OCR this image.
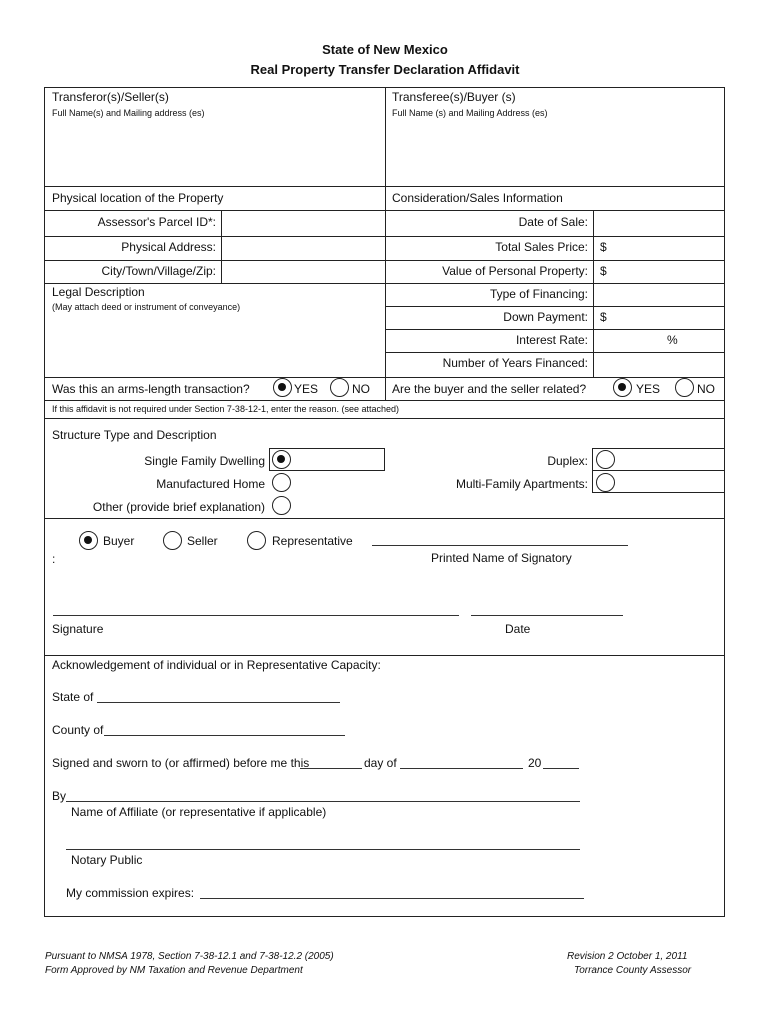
State of New Mexico
Real Property Transfer Declaration Affidavit
Transferor(s)/Seller(s)
Full Name(s) and Mailing address (es)
Transferee(s)/Buyer (s)
Full Name (s) and Mailing Address (es)
Physical location of the Property
Assessor's Parcel ID*:
Physical Address:
City/Town/Village/Zip:
Legal Description
(May attach deed or instrument of conveyance)
Consideration/Sales Information
Date of Sale:
Total Sales Price: $
Value of Personal Property: $
Type of Financing:
Down Payment: $
Interest Rate:	%
Number of Years Financed:
Was this an arms-length transaction?	YES	NO Are the buyer and the seller related?	YES	NO
If this affidavit is not required under Section 7-38-12-1, enter the reason. (see attached)
Structure Type and Description
Single Family Dwelling
Manufactured Home
Other (provide brief explanation)
Duplex:
Multi-Family Apartments:
Buyer	Seller	Representative
:	Printed Name of Signatory
Signature	Date
Acknowledgement of individual or in Representative Capacity:
State of
County of
Signed and sworn to (or affirmed) before me this	day of	20
By
Name of Affiliate (or representative if applicable)
Notary Public
My commission expires:
Pursuant to NMSA 1978, Section 7-38-12.1 and 7-38-12.2 (2005)
Form Approved by NM Taxation and Revenue Department
Revision 2 October 1, 2011
Torrance County Assessor
